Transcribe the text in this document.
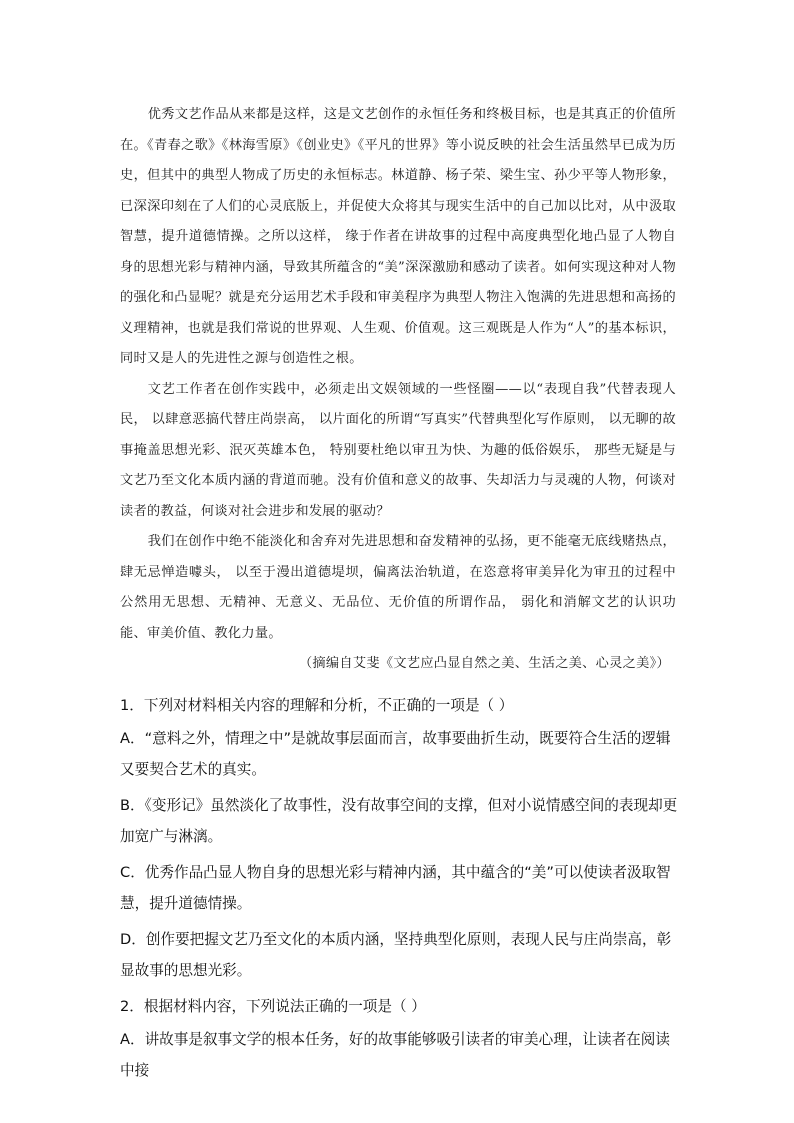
优秀文艺作品从来都是这样，这是文艺创作的永恒任务和终极目标，也是其真正的价值所在。《青春之歌》《林海雪原》《创业史》《平凡的世界》等小说反映的社会生活虽然早已成为历史，但其中的典型人物成了历史的永恒标志。林道静、杨子荣、梁生宝、孙少平等人物形象，已深深印刻在了人们的心灵底版上，并促使大众将其与现实生活中的自己加以比对，从中汲取智慧，提升道德情操。之所以这样， 缘于作者在讲故事的过程中高度典型化地凸显了人物自身的思想光彩与精神内涵，导致其所蕴含的“美”深深激励和感动了读者。如何实现这种对人物的强化和凸显呢？就是充分运用艺术手段和审美程序为典型人物注入饱满的先进思想和高扬的义理精神，也就是我们常说的世界观、人生观、价值观。这三观既是人作为“人”的基本标识，同时又是人的先进性之源与创造性之根。

文艺工作者在创作实践中，必须走出文娱领域的一些怪圈——以“表现自我”代替表现人民， 以肆意恶搞代替庄尚崇高， 以片面化的所谓“写真实”代替典型化写作原则， 以无聊的故事掩盖思想光彩、泯灭英雄本色， 特别要杜绝以审丑为快、为趣的低俗娱乐， 那些无疑是与文艺乃至文化本质内涵的背道而驰。没有价值和意义的故事、失却活力与灵魂的人物，何谈对读者的教益，何谈对社会进步和发展的驱动？

我们在创作中绝不能淡化和舍弃对先进思想和奋发精神的弘扬，更不能毫无底线赌热点，肆无忌惮造噱头， 以至于漫出道德堤坝，偏离法治轨道，在恣意将审美异化为审丑的过程中公然用无思想、无精神、无意义、无品位、无价值的所谓作品， 弱化和消解文艺的认识功能、审美价值、教化力量。

（摘编自艾斐《文艺应凸显自然之美、生活之美、心灵之美》）

1．下列对材料相关内容的理解和分析，不正确的一项是（ ）

A．“意料之外，情理之中”是就故事层面而言，故事要曲折生动，既要符合生活的逻辑又要契合艺术的真实。

B．《变形记》虽然淡化了故事性，没有故事空间的支撑，但对小说情感空间的表现却更加宽广与淋漓。

C．优秀作品凸显人物自身的思想光彩与精神内涵，其中蕴含的“美”可以使读者汲取智慧，提升道德情操。

D．创作要把握文艺乃至文化的本质内涵，坚持典型化原则，表现人民与庄尚崇高，彰显故事的思想光彩。

2．根据材料内容，下列说法正确的一项是（ ）

A．讲故事是叙事文学的根本任务，好的故事能够吸引读者的审美心理，让读者在阅读中接
